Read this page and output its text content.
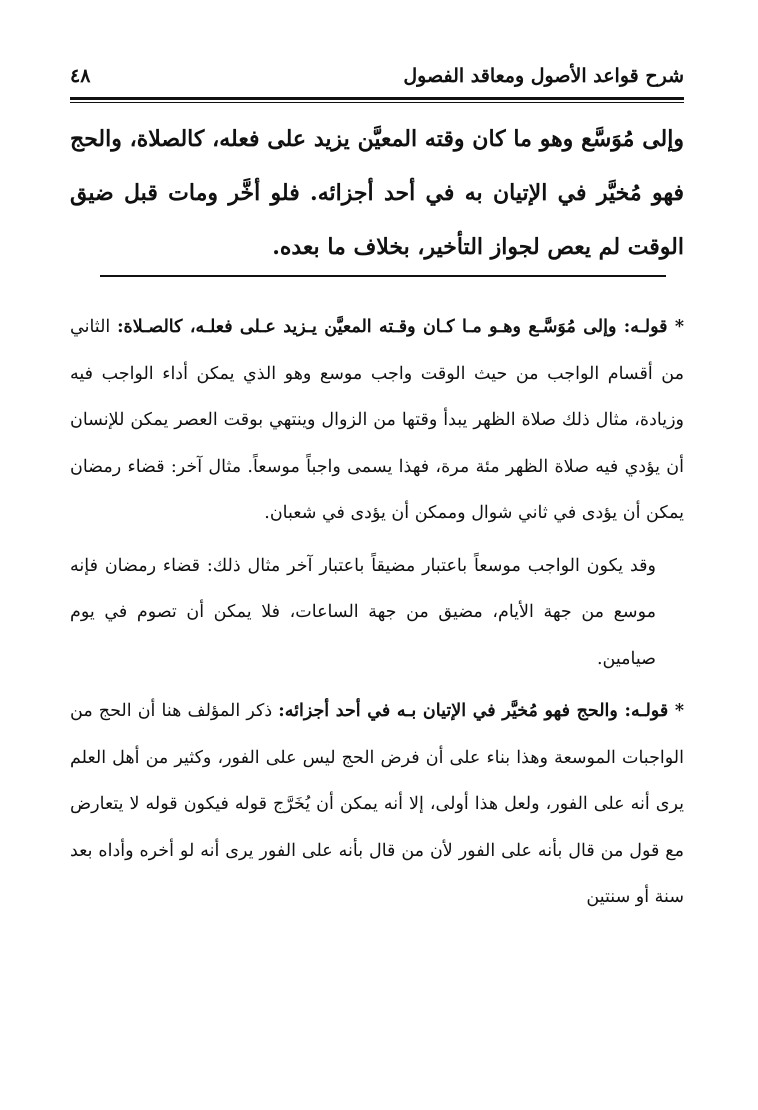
شرح قواعد الأصول ومعاقد الفصول
٤٨
وإلى مُوَسَّع وهو ما كان وقته المعيَّن يزيد على فعله، كالصلاة، والحج فهو مُخيَّر في الإتيان به في أحد أجزائه. فلو أخَّر ومات قبل ضيق الوقت لم يعص لجواز التأخير، بخلاف ما بعده.

* قولـه: وإلى مُوَسَّـع وهـو مـا كـان وقـته المعيَّن يـزيد عـلى فعلـه، كالصـلاة: الثاني من أقسام الواجب من حيث الوقت واجب موسع وهو الذي يمكن أداء الواجب فيه وزيادة، مثال ذلك صلاة الظهر يبدأ وقتها من الزوال وينتهي بوقت العصر يمكن للإنسان أن يؤدي فيه صلاة الظهر مئة مرة، فهذا يسمى واجباً موسعاً. مثال آخر: قضاء رمضان يمكن أن يؤدى في ثاني شوال وممكن أن يؤدى في شعبان.

وقد يكون الواجب موسعاً باعتبار مضيقاً باعتبار آخر مثال ذلك: قضاء رمضان فإنه موسع من جهة الأيام، مضيق من جهة الساعات، فلا يمكن أن تصوم في يوم صيامين.

* قولـه: والحج فهو مُخيَّر في الإتيان بـه في أحد أجزائه: ذكر المؤلف هنا أن الحج من الواجبات الموسعة وهذا بناء على أن فرض الحج ليس على الفور، وكثير من أهل العلم يرى أنه على الفور، ولعل هذا أولى، إلا أنه يمكن أن يُخَرَّج قوله فيكون قوله لا يتعارض مع قول من قال بأنه على الفور لأن من قال بأنه على الفور يرى أنه لو أخره وأداه بعد سنة أو سنتين
